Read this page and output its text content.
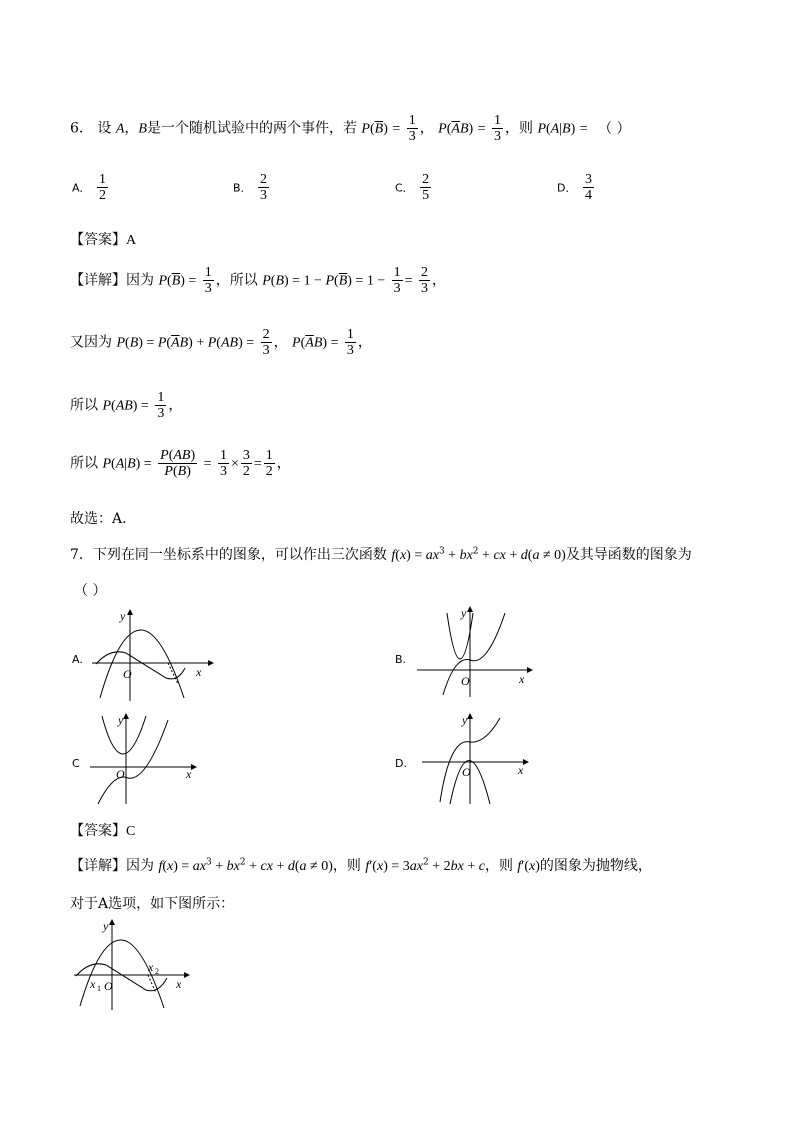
6． 设 A，B是一个随机试验中的两个事件，若 $P(\overline{B}) = \frac{1}{3}$ ， $P(\overline{A}B) = \frac{1}{3}$ ，则 P(A|B) = （ ）
A． $\frac{1}{2}$	B． $\frac{2}{3}$	C． $\frac{2}{5}$	D． $\frac{3}{4}$
【答案】A
【详解】因为 $P(\overline{B}) = \frac{1}{3}$ ，所以 $P(B) = 1 - P(\overline{B}) = 1 - \frac{1}{3} = \frac{2}{3}$ ，
又因为 $P(B) = P(\overline{A}B) + P(AB) = \frac{2}{3}$ ， $P(\overline{A}B) = \frac{1}{3}$ ，
所以 $P(AB) = \frac{1}{3}$ ，
所以 $P(A|B) = \frac{P(AB)}{P(B)} = \frac{1}{3} \times \frac{3}{2} = \frac{1}{2}$ ，
故选：A．
7．下列在同一坐标系中的图象，可以作出三次函数 $f(x) = ax^3 + bx^2$ + cx + d(a ≠ 0)及其导函数的图象为
（ ）
A.	B.
C	D.
y
x
O
y
x
O
y
x
O
y
x
O
【答案】C
【详解】因为 $f(x) = ax^3 + bx^2$ + cx + d(a ≠ 0)，则 $f'(x) = 3ax^2 + 2bx + c$，则 f′(x)的图象为抛物线，
对于A选项，如下图所示：
y
x
O
x 1
x 2
